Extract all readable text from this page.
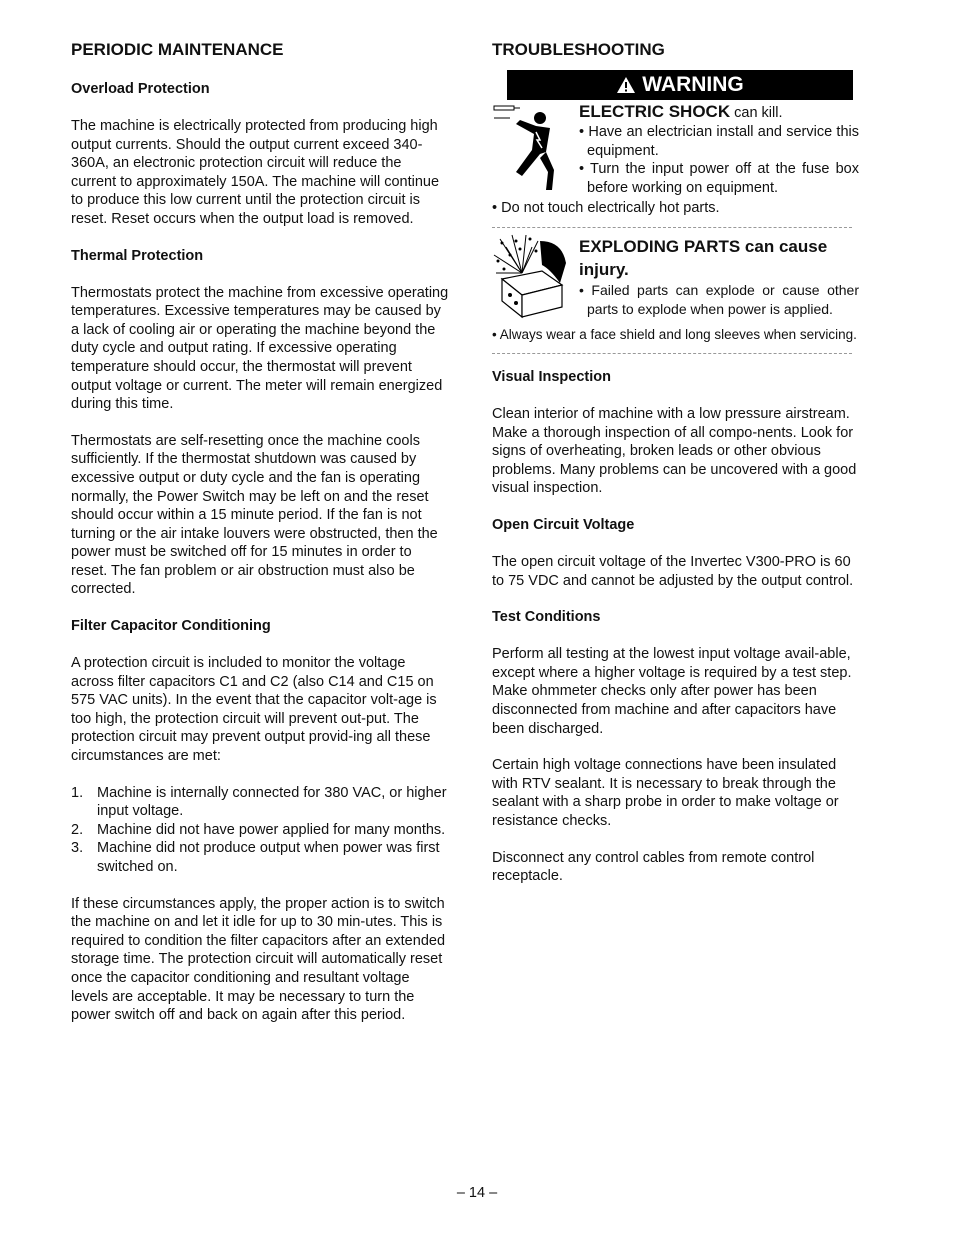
PERIODIC MAINTENANCE
Overload Protection

The machine is electrically protected from producing high output currents. Should the output current exceed 340-360A, an electronic protection circuit will reduce the current to approximately 150A. The machine will continue to produce this low current until the protection circuit is reset. Reset occurs when the output load is removed.

Thermal Protection

Thermostats protect the machine from excessive operating temperatures. Excessive temperatures may be caused by a lack of cooling air or operating the machine beyond the duty cycle and output rating. If excessive operating temperature should occur, the thermostat will prevent output voltage or current. The meter will remain energized during this time.

Thermostats are self-resetting once the machine cools sufficiently. If the thermostat shutdown was caused by excessive output or duty cycle and the fan is operating normally, the Power Switch may be left on and the reset should occur within a 15 minute period. If the fan is not turning or the air intake louvers were obstructed, then the power must be switched off for 15 minutes in order to reset. The fan problem or air obstruction must also be corrected.

Filter Capacitor Conditioning

A protection circuit is included to monitor the voltage across filter capacitors C1 and C2 (also C14 and C15 on 575 VAC units). In the event that the capacitor volt-age is too high, the protection circuit will prevent out-put. The protection circuit may prevent output provid-ing all these circumstances are met:

1. Machine is internally connected for 380 VAC, or higher input voltage.
2. Machine did not have power applied for many months.
3. Machine did not produce output when power was first switched on.

If these circumstances apply, the proper action is to switch the machine on and let it idle for up to 30 min-utes. This is required to condition the filter capacitors after an extended storage time. The protection circuit will automatically reset once the capacitor conditioning and resultant voltage levels are acceptable. It may be necessary to turn the power switch off and back on again after this period.

TROUBLESHOOTING
WARNING
ELECTRIC SHOCK can kill.
• Have an electrician install and service this equipment.
• Turn the input power off at the fuse box before working on equipment.
• Do not touch electrically hot parts.
EXPLODING PARTS can cause injury.
• Failed parts can explode or cause other parts to explode when power is applied.
• Always wear a face shield and long sleeves when servicing.
Visual Inspection

Clean interior of machine with a low pressure airstream. Make a thorough inspection of all compo-nents. Look for signs of overheating, broken leads or other obvious problems. Many problems can be uncovered with a good visual inspection.

Open Circuit Voltage

The open circuit voltage of the Invertec V300-PRO is 60 to 75 VDC and cannot be adjusted by the output control.

Test Conditions

Perform all testing at the lowest input voltage avail-able, except where a higher voltage is required by a test step. Make ohmmeter checks only after power has been disconnected from machine and after capacitors have been discharged.

Certain high voltage connections have been insulated with RTV sealant. It is necessary to break through the sealant with a sharp probe in order to make voltage or resistance checks.

Disconnect any control cables from remote control receptacle.

– 14 –
